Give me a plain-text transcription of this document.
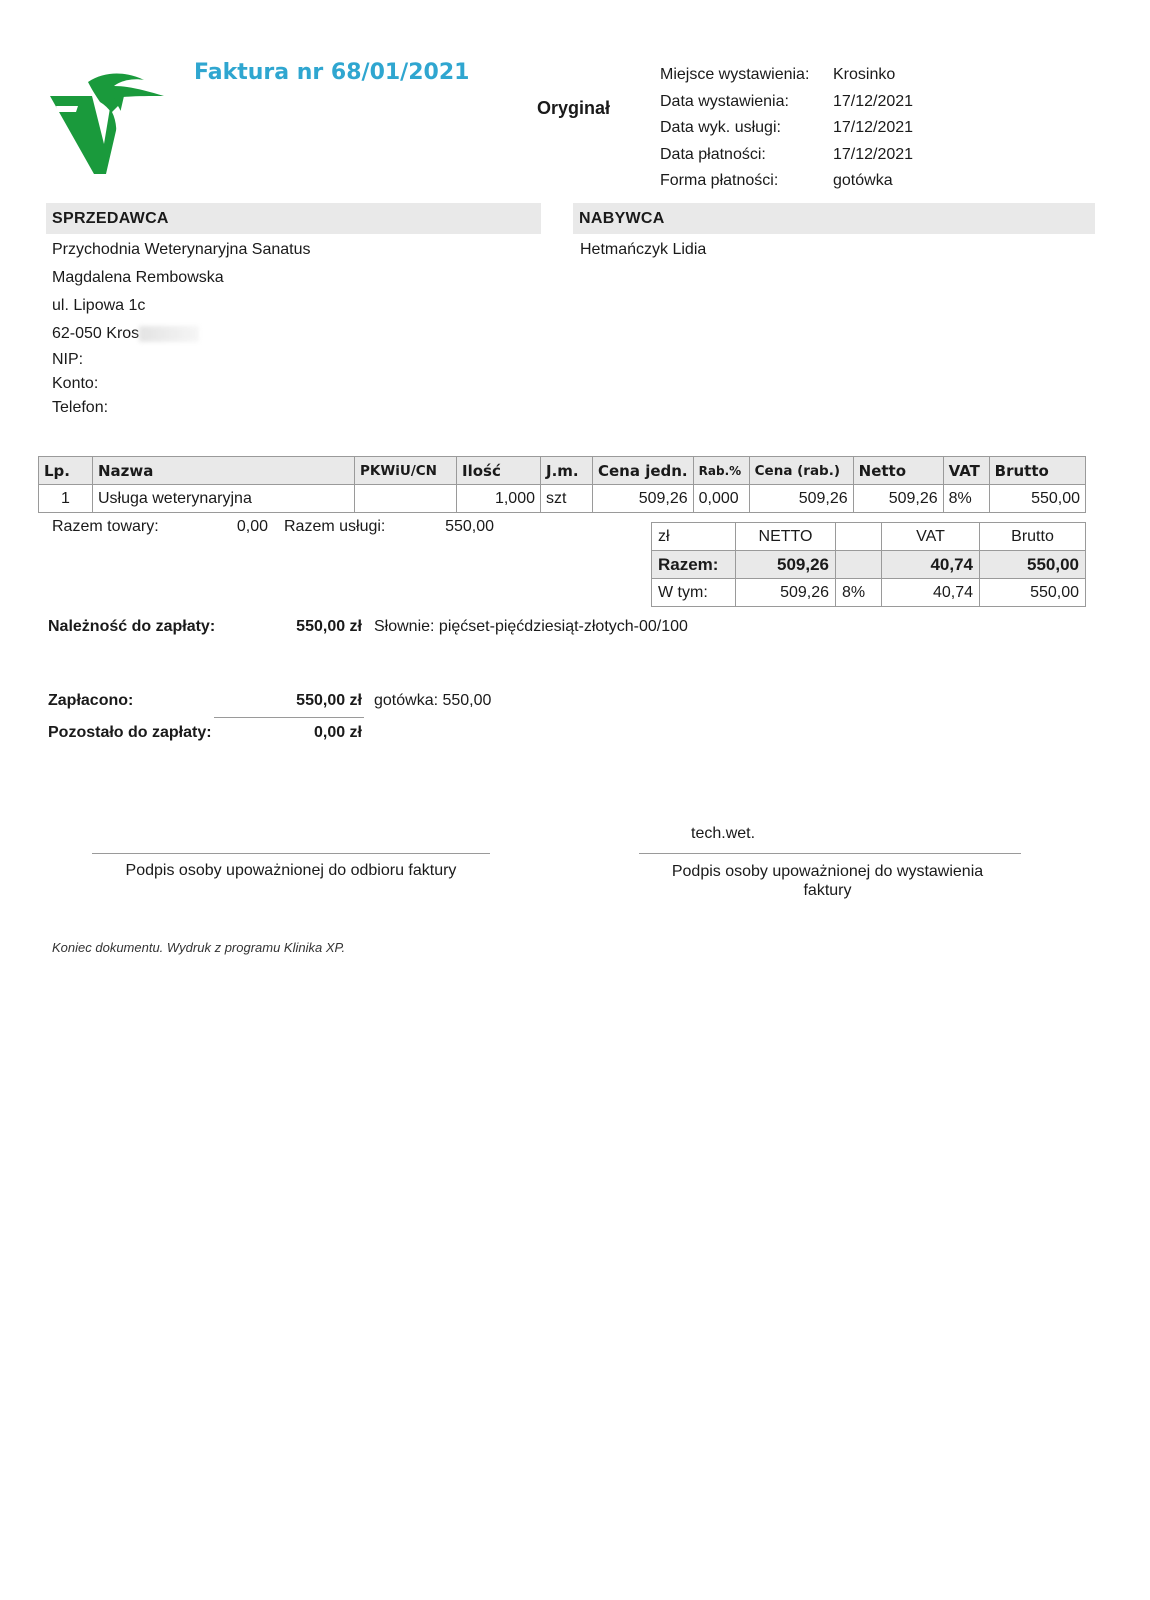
Faktura nr 68/01/2021
Oryginał
Miejsce wystawienia:	Krosinko
Data wystawienia:	17/12/2021
Data wyk. usługi:	17/12/2021
Data płatności:	17/12/2021
Forma płatności:	gotówka
SPRZEDAWCA	NABYWCA
Przychodnia Weterynaryjna Sanatus
Magdalena Rembowska
ul. Lipowa 1c
62-050 Kros
NIP:
Konto:
Telefon:
Hetmańczyk Lidia
Lp.	Nazwa	PKWiU/CN	Ilość	J.m.	Cena jedn.	Rab.%	Cena (rab.)	Netto	VAT	Brutto
1	Usługa weterynaryjna		1,000	szt	509,26	0,000	509,26	509,26	8%	550,00
Razem towary:	0,00 Razem usługi:	550,00
zł	NETTO		VAT	Brutto
Razem:	509,26		40,74	550,00
W tym:	509,26	8%	40,74	550,00
Należność do zapłaty:	550,00 zł Słownie: pięćset-pięćdziesiąt-złotych-00/100
Zapłacono:	550,00 zł gotówka: 550,00
Pozostało do zapłaty:	0,00 zł
tech.wet.
Podpis osoby upoważnionej do odbioru faktury	Podpis osoby upoważnionej do wystawienia
faktury
Koniec dokumentu. Wydruk z programu Klinika XP.
